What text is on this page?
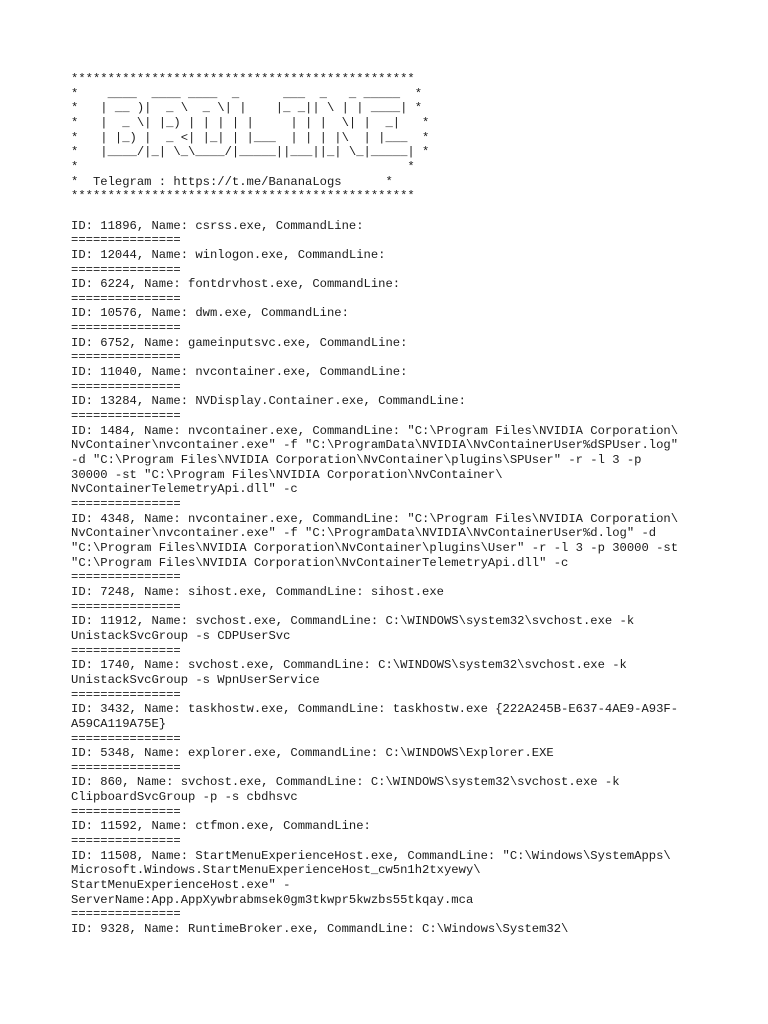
***********************************************
*    ____  ____ ____  _      ___  _   _ _____  *
*   | __ )|  _ \  _ \| |    |_ _|| \ | | ____| *
*   |  _ \| |_) | | | | |     | | |  \| |  _|   *
*   | |_) |  _ <| |_| | |___  | | | |\  | |___  *
*   |____/|_| \_\____/|_____||___||_| \_|_____| *
*                                             *
*  Telegram : https://t.me/BananaLogs      *
***********************************************
ID: 11896, Name: csrss.exe, CommandLine:
===============
ID: 12044, Name: winlogon.exe, CommandLine:
===============
ID: 6224, Name: fontdrvhost.exe, CommandLine:
===============
ID: 10576, Name: dwm.exe, CommandLine:
===============
ID: 6752, Name: gameinputsvc.exe, CommandLine:
===============
ID: 11040, Name: nvcontainer.exe, CommandLine:
===============
ID: 13284, Name: NVDisplay.Container.exe, CommandLine:
===============
ID: 1484, Name: nvcontainer.exe, CommandLine: "C:\Program Files\NVIDIA Corporation\
NvContainer\nvcontainer.exe" -f "C:\ProgramData\NVIDIA\NvContainerUser%dSPUser.log"
-d "C:\Program Files\NVIDIA Corporation\NvContainer\plugins\SPUser" -r -l 3 -p
30000 -st "C:\Program Files\NVIDIA Corporation\NvContainer\
NvContainerTelemetryApi.dll" -c
===============
ID: 4348, Name: nvcontainer.exe, CommandLine: "C:\Program Files\NVIDIA Corporation\
NvContainer\nvcontainer.exe" -f "C:\ProgramData\NVIDIA\NvContainerUser%d.log" -d
"C:\Program Files\NVIDIA Corporation\NvContainer\plugins\User" -r -l 3 -p 30000 -st
"C:\Program Files\NVIDIA Corporation\NvContainerTelemetryApi.dll" -c
===============
ID: 7248, Name: sihost.exe, CommandLine: sihost.exe
===============
ID: 11912, Name: svchost.exe, CommandLine: C:\WINDOWS\system32\svchost.exe -k
UnistackSvcGroup -s CDPUserSvc
===============
ID: 1740, Name: svchost.exe, CommandLine: C:\WINDOWS\system32\svchost.exe -k
UnistackSvcGroup -s WpnUserService
===============
ID: 3432, Name: taskhostw.exe, CommandLine: taskhostw.exe {222A245B-E637-4AE9-A93F-
A59CA119A75E}
===============
ID: 5348, Name: explorer.exe, CommandLine: C:\WINDOWS\Explorer.EXE
===============
ID: 860, Name: svchost.exe, CommandLine: C:\WINDOWS\system32\svchost.exe -k
ClipboardSvcGroup -p -s cbdhsvc
===============
ID: 11592, Name: ctfmon.exe, CommandLine:
===============
ID: 11508, Name: StartMenuExperienceHost.exe, CommandLine: "C:\Windows\SystemApps\
Microsoft.Windows.StartMenuExperienceHost_cw5n1h2txyewy\
StartMenuExperienceHost.exe" -
ServerName:App.AppXywbrabmsek0gm3tkwpr5kwzbs55tkqay.mca
===============
ID: 9328, Name: RuntimeBroker.exe, CommandLine: C:\Windows\System32\
